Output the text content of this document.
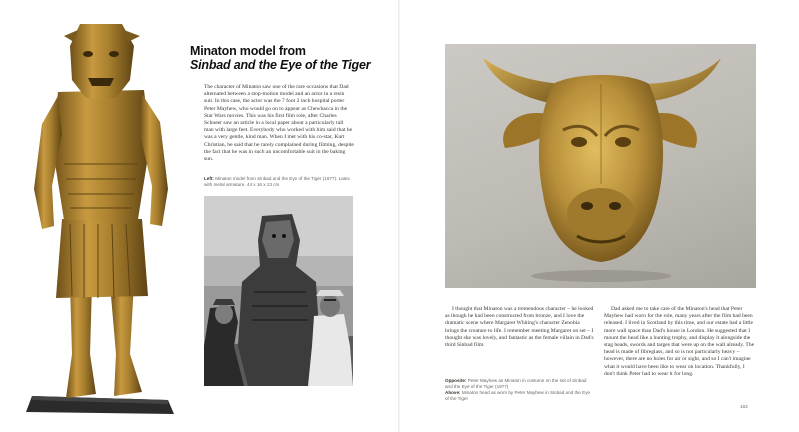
Minaton model from
Sinbad and the Eye of the Tiger

The character of Minaton saw one of the rare occasions that Dad alternated between a stop-motion model and an actor in a resin suit. In this case, the actor was the 7 foot 2 inch hospital porter Peter Mayhew, who would go on to appear as Chewbacca in the Star Wars movies. This was his first film role, after Charles Schneer saw an article in a local paper about a particularly tall man with large feet. Everybody who worked with him said that he was a very gentle, kind man. When I met with his co-star, Kurt Christian, he said that he rarely complained during filming, despite the fact that he was in such an uncomfortable suit in the baking sun.

Left: Minaton model from Sinbad and the Eye of the Tiger (1977). Latex with metal armature, 44 x 16 x 13 cm

I thought that Minaton was a tremendous character – he looked as though he had been constructed from bronze, and I love the dramatic scene where Margaret Whiting's character Zenobia brings the creature to life. I remember meeting Margaret on set – I thought she was lovely, and fantastic as the female villain in Dad's third Sinbad film.

Dad asked me to take care of the Minaton's head that Peter Mayhew had worn for the role, many years after the film had been released. I lived in Scotland by this time, and our estate had a little more wall space than Dad's house in London. He suggested that I mount the head like a hunting trophy, and display it alongside the stag heads, swords and targes that were up on the wall already. The head is made of fibreglass, and so is not particularly heavy – however, there are no holes for air or sight, and so I can't imagine what it would have been like to wear on location. Thankfully, I don't think Peter had to wear it for long.

Opposite: Peter Mayhew as Minaton in costume on the set of Sinbad and the Eye of the Tiger (1977)

Above: Minaton head as worn by Peter Mayhew in Sinbad and the Eye of the Tiger

163
